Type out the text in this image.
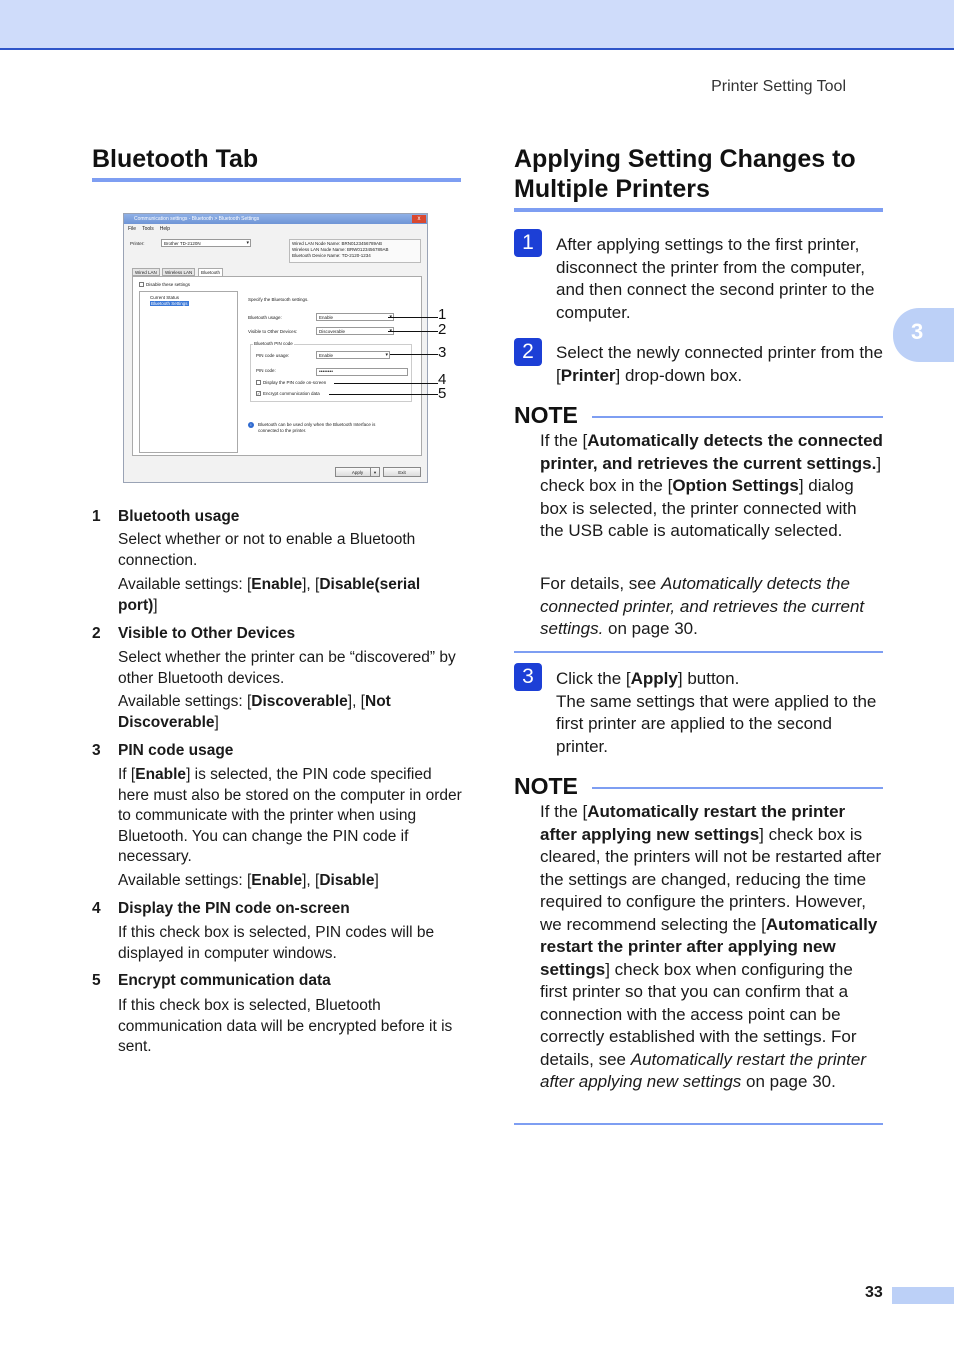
Printer Setting Tool
3
Bluetooth Tab
Communication settings - Bluetooth > Bluetooth Settings	x
File Tools Help
Printer:	Brother TD-2120N ▾	Wired LAN Node Name: BRN0123456789AB
Wireless LAN Node Name: BRW0123456789AB
Bluetooth Device Name: TD-2120-1234
Wired LAN	Wireless LAN	Bluetooth
Disable these settings
Current Status
Bluetooth Settings
Specify the Bluetooth settings.
Bluetooth usage:	Enable ▾
Visible to Other Devices:	Discoverable ▾
Bluetooth PIN code
PIN code usage:	Enable ▾
PIN code:	••••••••
Display the PIN code on-screen
✓ Encrypt communication data
i	Bluetooth can be used only when the Bluetooth Interface is
connected to the printer.
Apply	▾	Exit
1
2
3
4
5
1 Bluetooth usage
Select whether or not to enable a Bluetooth connection.
Available settings: [Enable], [Disable(serial port)]
2 Visible to Other Devices
Select whether the printer can be “discovered” by other Bluetooth devices.
Available settings: [Discoverable], [Not Discoverable]
3 PIN code usage
If [Enable] is selected, the PIN code specified here must also be stored on the computer in order to communicate with the printer when using Bluetooth. You can change the PIN code if necessary.
Available settings: [Enable], [Disable]
4 Display the PIN code on-screen
If this check box is selected, PIN codes will be displayed in computer windows.
5 Encrypt communication data
If this check box is selected, Bluetooth communication data will be encrypted before it is sent.
Applying Setting Changes to
Multiple Printers
1	After applying settings to the first printer, disconnect the printer from the computer, and then connect the second printer to the computer.
2	Select the newly connected printer from the [Printer] drop-down box.
NOTE
If the [Automatically detects the connected printer, and retrieves the current settings.] check box in the [Option Settings] dialog box is selected, the printer connected with the USB cable is automatically selected.
For details, see Automatically detects the connected printer, and retrieves the current settings. on page 30.
3	Click the [Apply] button.
The same settings that were applied to the first printer are applied to the second printer.
NOTE
If the [Automatically restart the printer after applying new settings] check box is cleared, the printers will not be restarted after the settings are changed, reducing the time required to configure the printers. However, we recommend selecting the [Automatically restart the printer after applying new settings] check box when configuring the first printer so that you can confirm that a connection with the access point can be correctly established with the settings. For details, see Automatically restart the printer after applying new settings on page 30.
33
